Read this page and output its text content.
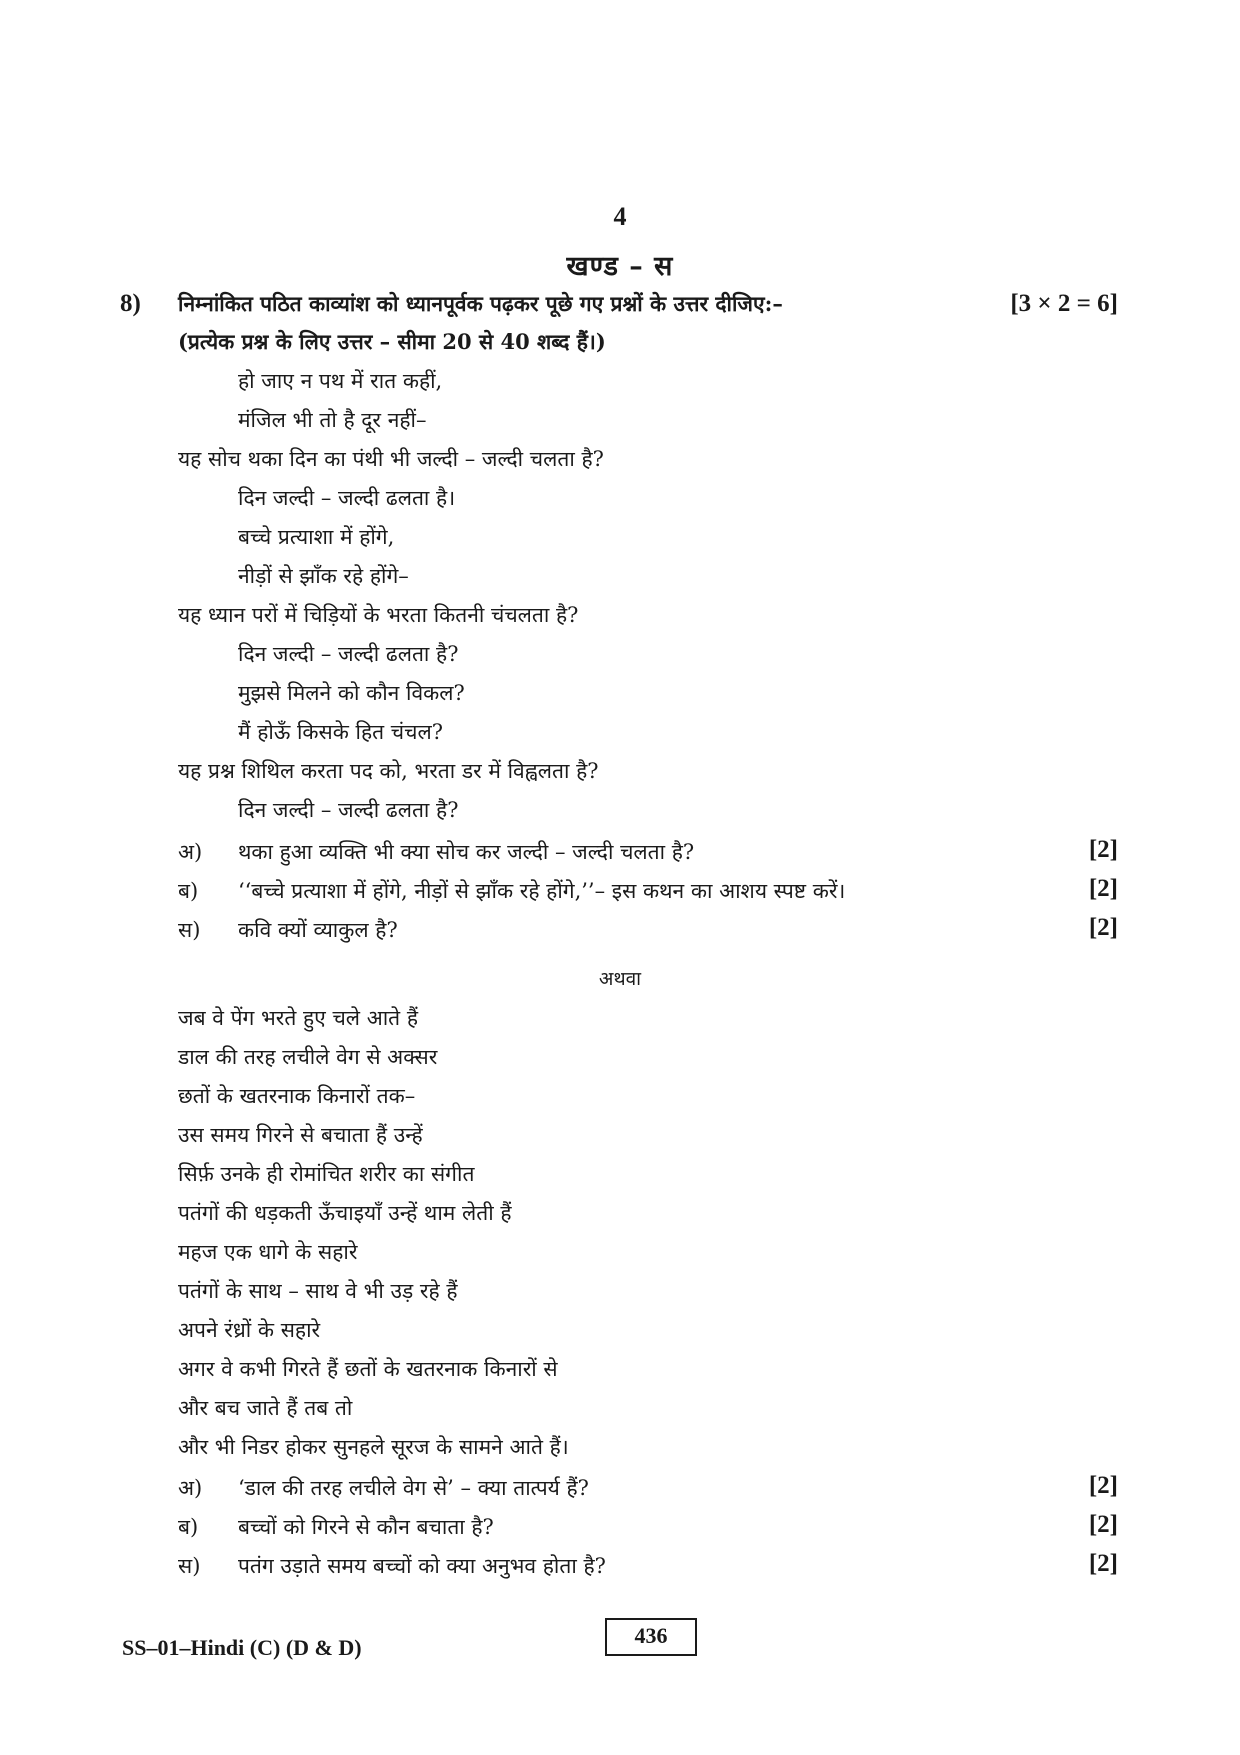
4
खण्ड – स
8) निम्नांकित पठित काव्यांश को ध्यानपूर्वक पढ़कर पूछे गए प्रश्नों के उत्तर दीजिए:–	[3 × 2 = 6]
(प्रत्येक प्रश्न के लिए उत्तर – सीमा 20 से 40 शब्द हैं।)
हो जाए न पथ में रात कहीं,
मंजिल भी तो है दूर नहीं–
यह सोच थका दिन का पंथी भी जल्दी – जल्दी चलता है?
दिन जल्दी – जल्दी ढलता है।
बच्चे प्रत्याशा में होंगे,
नीड़ों से झाँक रहे होंगे–
यह ध्यान परों में चिड़ियों के भरता कितनी चंचलता है?
दिन जल्दी – जल्दी ढलता है?
मुझसे मिलने को कौन विकल?
मैं होऊँ किसके हित चंचल?
यह प्रश्न शिथिल करता पद को, भरता डर में विह्वलता है?
दिन जल्दी – जल्दी ढलता है?
अ) थका हुआ व्यक्ति भी क्या सोच कर जल्दी – जल्दी चलता है?	[2]
ब) ‘‘बच्चे प्रत्याशा में होंगे, नीड़ों से झाँक रहे होंगे,’’– इस कथन का आशय स्पष्ट करें।	[2]
स) कवि क्यों व्याकुल है?	[2]
अथवा
जब वे पेंग भरते हुए चले आते हैं
डाल की तरह लचीले वेग से अक्सर
छतों के खतरनाक किनारों तक–
उस समय गिरने से बचाता हैं उन्हें
सिर्फ़ उनके ही रोमांचित शरीर का संगीत
पतंगों की धड़कती ऊँचाइयाँ उन्हें थाम लेती हैं
महज एक धागे के सहारे
पतंगों के साथ – साथ वे भी उड़ रहे हैं
अपने रंध्रों के सहारे
अगर वे कभी गिरते हैं छतों के खतरनाक किनारों से
और बच जाते हैं तब तो
और भी निडर होकर सुनहले सूरज के सामने आते हैं।
अ) ‘डाल की तरह लचीले वेग से’ – क्या तात्पर्य हैं?	[2]
ब) बच्चों को गिरने से कौन बचाता है?	[2]
स) पतंग उड़ाते समय बच्चों को क्या अनुभव होता है?	[2]
SS–01–Hindi (C) (D & D)	436
